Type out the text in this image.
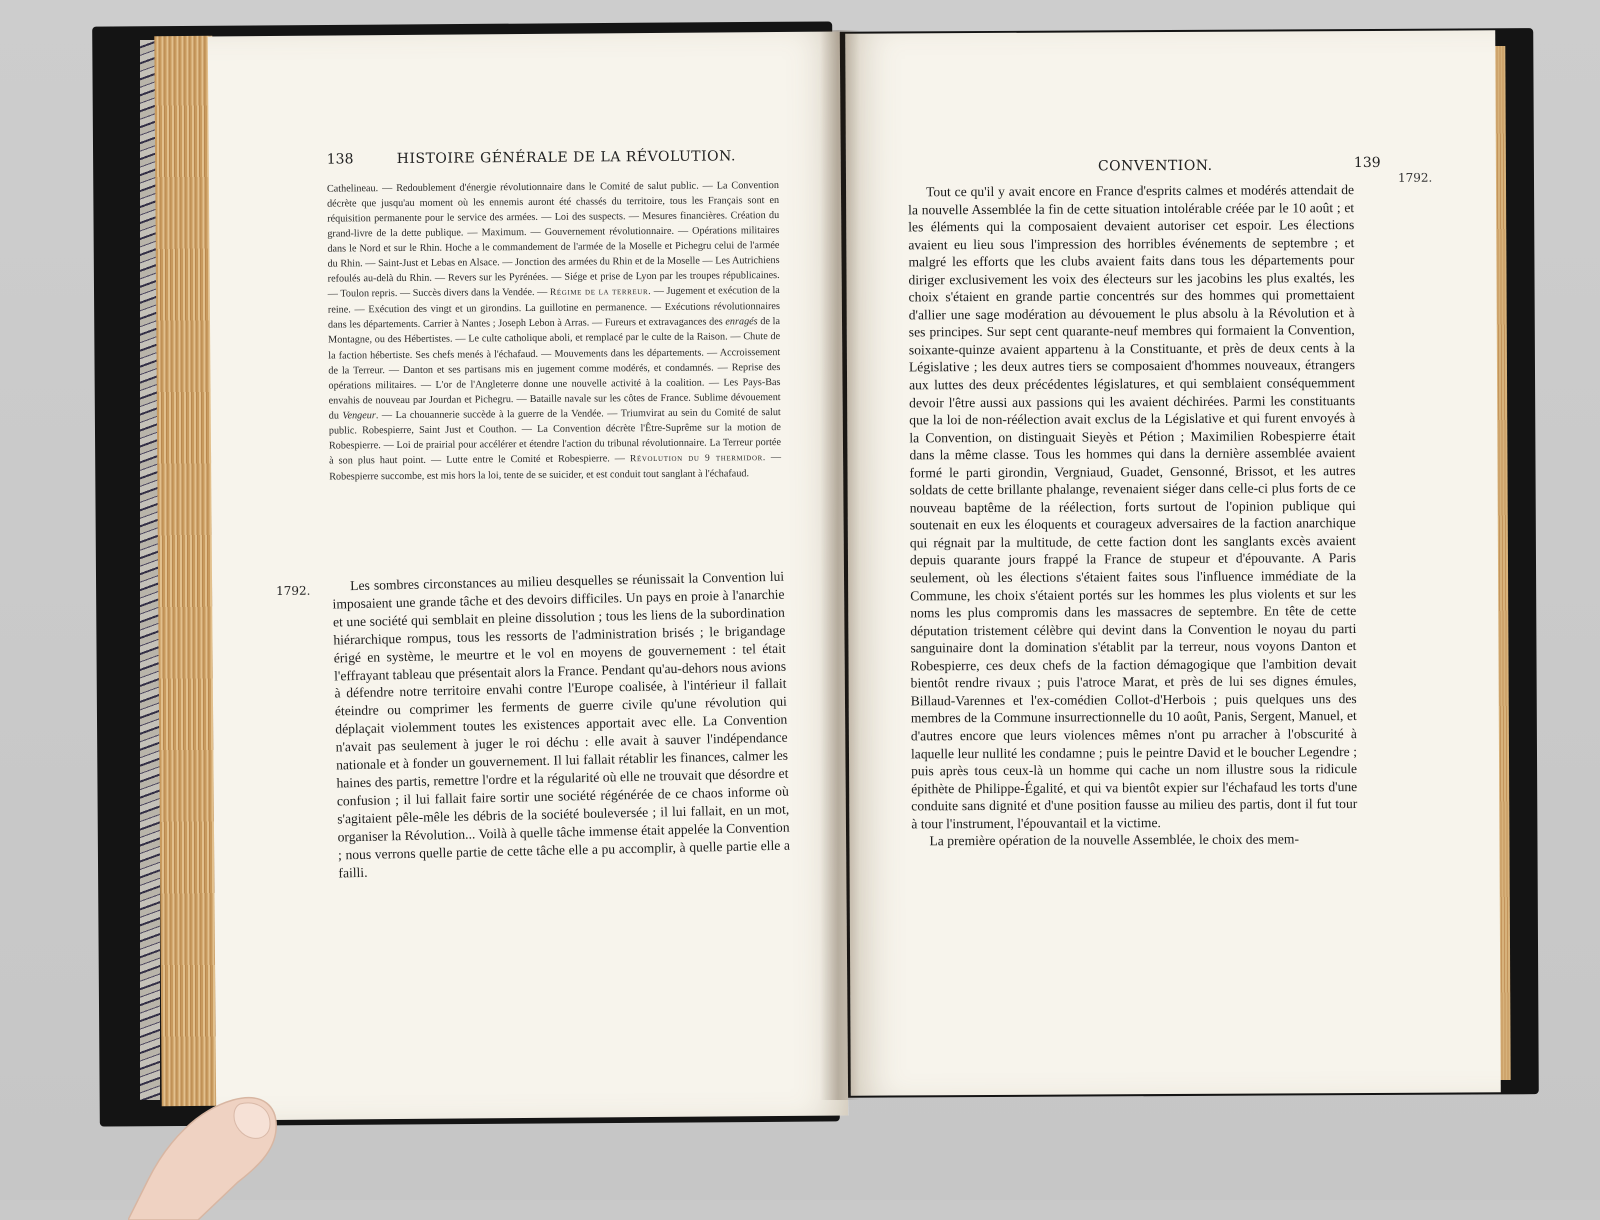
138	HISTOIRE GÉNÉRALE DE LA RÉVOLUTION.
Cathelineau. — Redoublement d'énergie révolutionnaire dans le Comité de salut public. — La Convention décrète que jusqu'au moment où les ennemis auront été chassés du territoire, tous les Français sont en réquisition permanente pour le service des armées. — Loi des suspects. — Mesures financières. Création du grand-livre de la dette publique. — Maximum. — Gouvernement révolutionnaire. — Opérations militaires dans le Nord et sur le Rhin. Hoche a le commandement de l'armée de la Moselle et Pichegru celui de l'armée du Rhin. — Saint-Just et Lebas en Alsace. — Jonction des armées du Rhin et de la Moselle — Les Autrichiens refoulés au-delà du Rhin. — Revers sur les Pyrénées. — Siége et prise de Lyon par les troupes républicaines. — Toulon repris. — Succès divers dans la Vendée. — Régime de la terreur. — Jugement et exécution de la reine. — Exécution des vingt et un girondins. La guillotine en permanence. — Exécutions révolutionnaires dans les départements. Carrier à Nantes ; Joseph Lebon à Arras. — Fureurs et extravagances des enragés de la Montagne, ou des Hébertistes. — Le culte catholique aboli, et remplacé par le culte de la Raison. — Chute de la faction hébertiste. Ses chefs menés à l'échafaud. — Mouvements dans les départements. — Accroissement de la Terreur. — Danton et ses partisans mis en jugement comme modérés, et condamnés. — Reprise des opérations militaires. — L'or de l'Angleterre donne une nouvelle activité à la coalition. — Les Pays-Bas envahis de nouveau par Jourdan et Pichegru. — Bataille navale sur les côtes de France. Sublime dévouement du Vengeur. — La chouannerie succède à la guerre de la Vendée. — Triumvirat au sein du Comité de salut public. Robespierre, Saint Just et Couthon. — La Convention décrète l'Être-Suprême sur la motion de Robespierre. — Loi de prairial pour accélérer et étendre l'action du tribunal révolutionnaire. La Terreur portée à son plus haut point. — Lutte entre le Comité et Robespierre. — Révolution du 9 thermidor. — Robespierre succombe, est mis hors la loi, tente de se suicider, et est conduit tout sanglant à l'échafaud.
1792.	Les sombres circonstances au milieu desquelles se réunissait la Convention lui imposaient une grande tâche et des devoirs difficiles. Un pays en proie à l'anarchie et une société qui semblait en pleine dissolution ; tous les liens de la subordination hiérarchique rompus, tous les ressorts de l'administration brisés ; le brigandage érigé en système, le meurtre et le vol en moyens de gouvernement : tel était l'effrayant tableau que présentait alors la France. Pendant qu'au-dehors nous avions à défendre notre territoire envahi contre l'Europe coalisée, à l'intérieur il fallait éteindre ou comprimer les ferments de guerre civile qu'une révolution qui déplaçait violemment toutes les existences apportait avec elle. La Convention n'avait pas seulement à juger le roi déchu : elle avait à sauver l'indépendance nationale et à fonder un gouvernement. Il lui fallait rétablir les finances, calmer les haines des partis, remettre l'ordre et la régularité où elle ne trouvait que désordre et confusion ; il lui fallait faire sortir une société régénérée de ce chaos informe où s'agitaient pêle-mêle les débris de la société bouleversée ; il lui fallait, en un mot, organiser la Révolution... Voilà à quelle tâche immense était appelée la Convention ; nous verrons quelle partie de cette tâche elle a pu accomplir, à quelle partie elle a failli.

CONVENTION.	139
1792.

Tout ce qu'il y avait encore en France d'esprits calmes et modérés attendait de la nouvelle Assemblée la fin de cette situation intolérable créée par le 10 août ; et les éléments qui la composaient devaient autoriser cet espoir. Les élections avaient eu lieu sous l'impression des horribles événements de septembre ; et malgré les efforts que les clubs avaient faits dans tous les départements pour diriger exclusivement les voix des électeurs sur les jacobins les plus exaltés, les choix s'étaient en grande partie concentrés sur des hommes qui promettaient d'allier une sage modération au dévouement le plus absolu à la Révolution et à ses principes. Sur sept cent quarante-neuf membres qui formaient la Convention, soixante-quinze avaient appartenu à la Constituante, et près de deux cents à la Législative ; les deux autres tiers se composaient d'hommes nouveaux, étrangers aux luttes des deux précédentes législatures, et qui semblaient conséquemment devoir l'être aussi aux passions qui les avaient déchirées. Parmi les constituants que la loi de non-réélection avait exclus de la Législative et qui furent envoyés à la Convention, on distinguait Sieyès et Pétion ; Maximilien Robespierre était dans la même classe. Tous les hommes qui dans la dernière assemblée avaient formé le parti girondin, Vergniaud, Guadet, Gensonné, Brissot, et les autres soldats de cette brillante phalange, revenaient siéger dans celle-ci plus forts de ce nouveau baptême de la réélection, forts surtout de l'opinion publique qui soutenait en eux les éloquents et courageux adversaires de la faction anarchique qui régnait par la multitude, de cette faction dont les sanglants excès avaient depuis quarante jours frappé la France de stupeur et d'épouvante. A Paris seulement, où les élections s'étaient faites sous l'influence immédiate de la Commune, les choix s'étaient portés sur les hommes les plus violents et sur les noms les plus compromis dans les massacres de septembre. En tête de cette députation tristement célèbre qui devint dans la Convention le noyau du parti sanguinaire dont la domination s'établit par la terreur, nous voyons Danton et Robespierre, ces deux chefs de la faction démagogique que l'ambition devait bientôt rendre rivaux ; puis l'atroce Marat, et près de lui ses dignes émules, Billaud-Varennes et l'ex-comédien Collot-d'Herbois ; puis quelques uns des membres de la Commune insurrectionnelle du 10 août, Panis, Sergent, Manuel, et d'autres encore que leurs violences mêmes n'ont pu arracher à l'obscurité à laquelle leur nullité les condamne ; puis le peintre David et le boucher Legendre ; puis après tous ceux-là un homme qui cache un nom illustre sous la ridicule épithète de Philippe-Égalité, et qui va bientôt expier sur l'échafaud les torts d'une conduite sans dignité et d'une position fausse au milieu des partis, dont il fut tour à tour l'instrument, l'épouvantail et la victime.

La première opération de la nouvelle Assemblée, le choix des mem-
